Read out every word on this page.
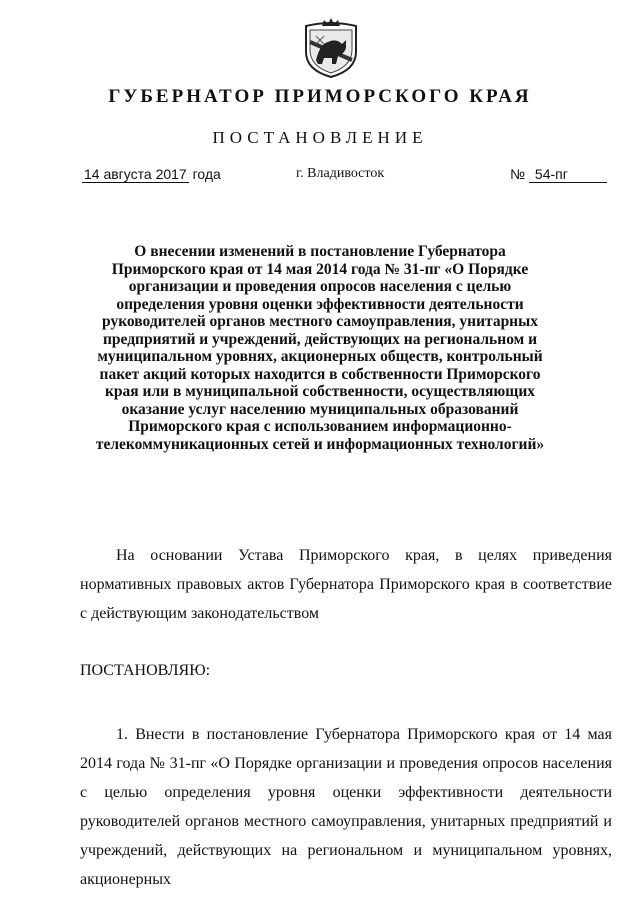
ГУБЕРНАТОР ПРИМОРСКОГО КРАЯ
ПОСТАНОВЛЕНИЕ
14 августа 2017 года	г. Владивосток	№ 54-пг
О внесении изменений в постановление Губернатора Приморского края от 14 мая 2014 года № 31-пг «О Порядке организации и проведения опросов населения с целью определения уровня оценки эффективности деятельности руководителей органов местного самоуправления, унитарных предприятий и учреждений, действующих на региональном и муниципальном уровнях, акционерных обществ, контрольный пакет акций которых находится в собственности Приморского края или в муниципальной собственности, осуществляющих оказание услуг населению муниципальных образований Приморского края с использованием информационно-телекоммуникационных сетей и информационных технологий»
На основании Устава Приморского края, в целях приведения нормативных правовых актов Губернатора Приморского края в соответствие с действующим законодательством
ПОСТАНОВЛЯЮ:
1. Внести в постановление Губернатора Приморского края от 14 мая 2014 года № 31-пг «О Порядке организации и проведения опросов населения с целью определения уровня оценки эффективности деятельности руководителей органов местного самоуправления, унитарных предприятий и учреждений, действующих на региональном и муниципальном уровнях, акционерных
